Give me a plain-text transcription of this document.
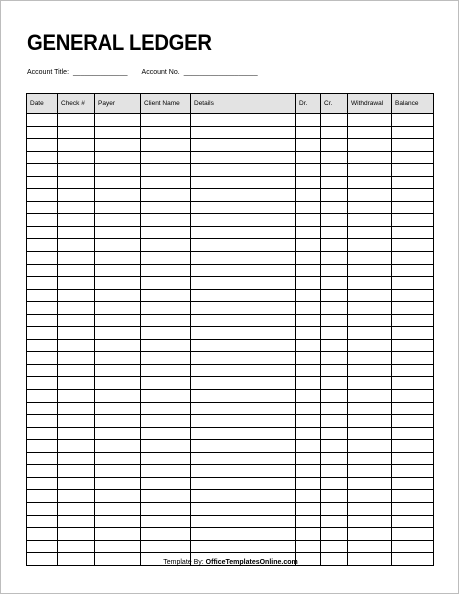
GENERAL LEDGER
Account Title: ______________ Account No. ___________________
Date	Check #	Payer	Client Name	Details	Dr.	Cr.	Withdrawal	Balance

Template By: OfficeTemplatesOnline.com
